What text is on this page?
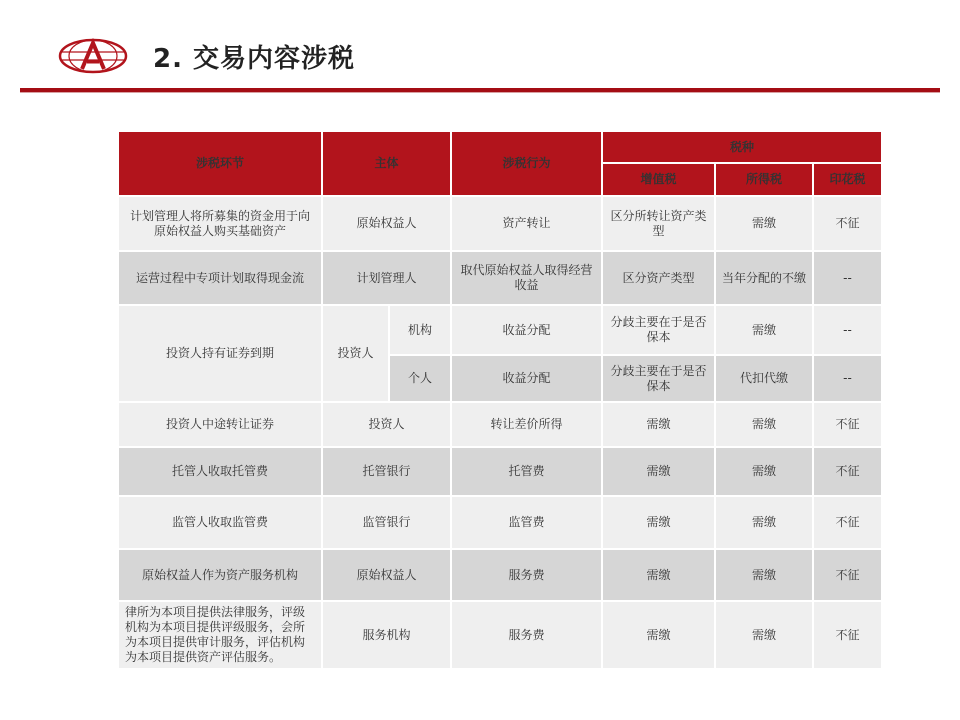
2. 交易内容涉税
涉税环节	主体		涉税行为	税种		
				增值税	所得税	印花税
计划管理人将所募集的资金用于向原始权益人购买基础资产	原始权益人		资产转让	区分所转让资产类型	需缴	不征
运营过程中专项计划取得现金流	计划管理人		取代原始权益人取得经营收益	区分资产类型	当年分配的不缴	--
投资人持有证券到期	投资人	机构	收益分配	分歧主要在于是否保本	需缴	--
		个人	收益分配	分歧主要在于是否保本	代扣代缴	--
投资人中途转让证券	投资人		转让差价所得	需缴	需缴	不征
托管人收取托管费	托管银行		托管费	需缴	需缴	不征
监管人收取监管费	监管银行		监管费	需缴	需缴	不征
原始权益人作为资产服务机构	原始权益人		服务费	需缴	需缴	不征
律所为本项目提供法律服务，评级机构为本项目提供评级服务，会所为本项目提供审计服务，评估机构为本项目提供资产评估服务。	服务机构		服务费	需缴	需缴	不征
